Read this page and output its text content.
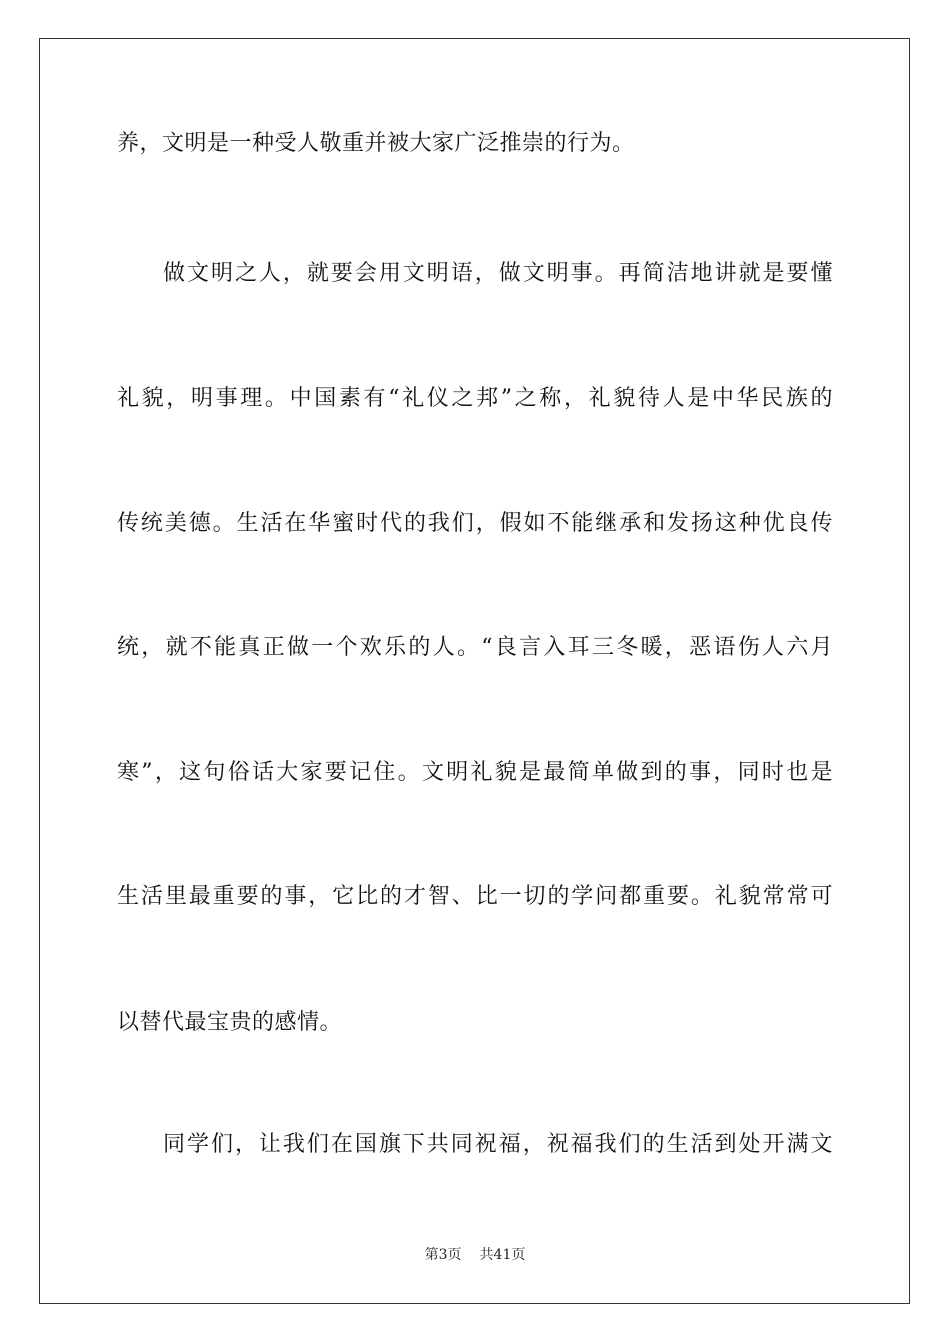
养，文明是一种受人敬重并被大家广泛推崇的行为。
做文明之人，就要会用文明语，做文明事。再简洁地讲就是要懂
礼貌，明事理。中国素有“礼仪之邦”之称，礼貌待人是中华民族的
传统美德。生活在华蜜时代的我们，假如不能继承和发扬这种优良传
统，就不能真正做一个欢乐的人。“良言入耳三冬暖，恶语伤人六月
寒”，这句俗话大家要记住。文明礼貌是最简单做到的事，同时也是
生活里最重要的事，它比的才智、比一切的学问都重要。礼貌常常可
以替代最宝贵的感情。
同学们，让我们在国旗下共同祝福，祝福我们的生活到处开满文
第3页 共41页
